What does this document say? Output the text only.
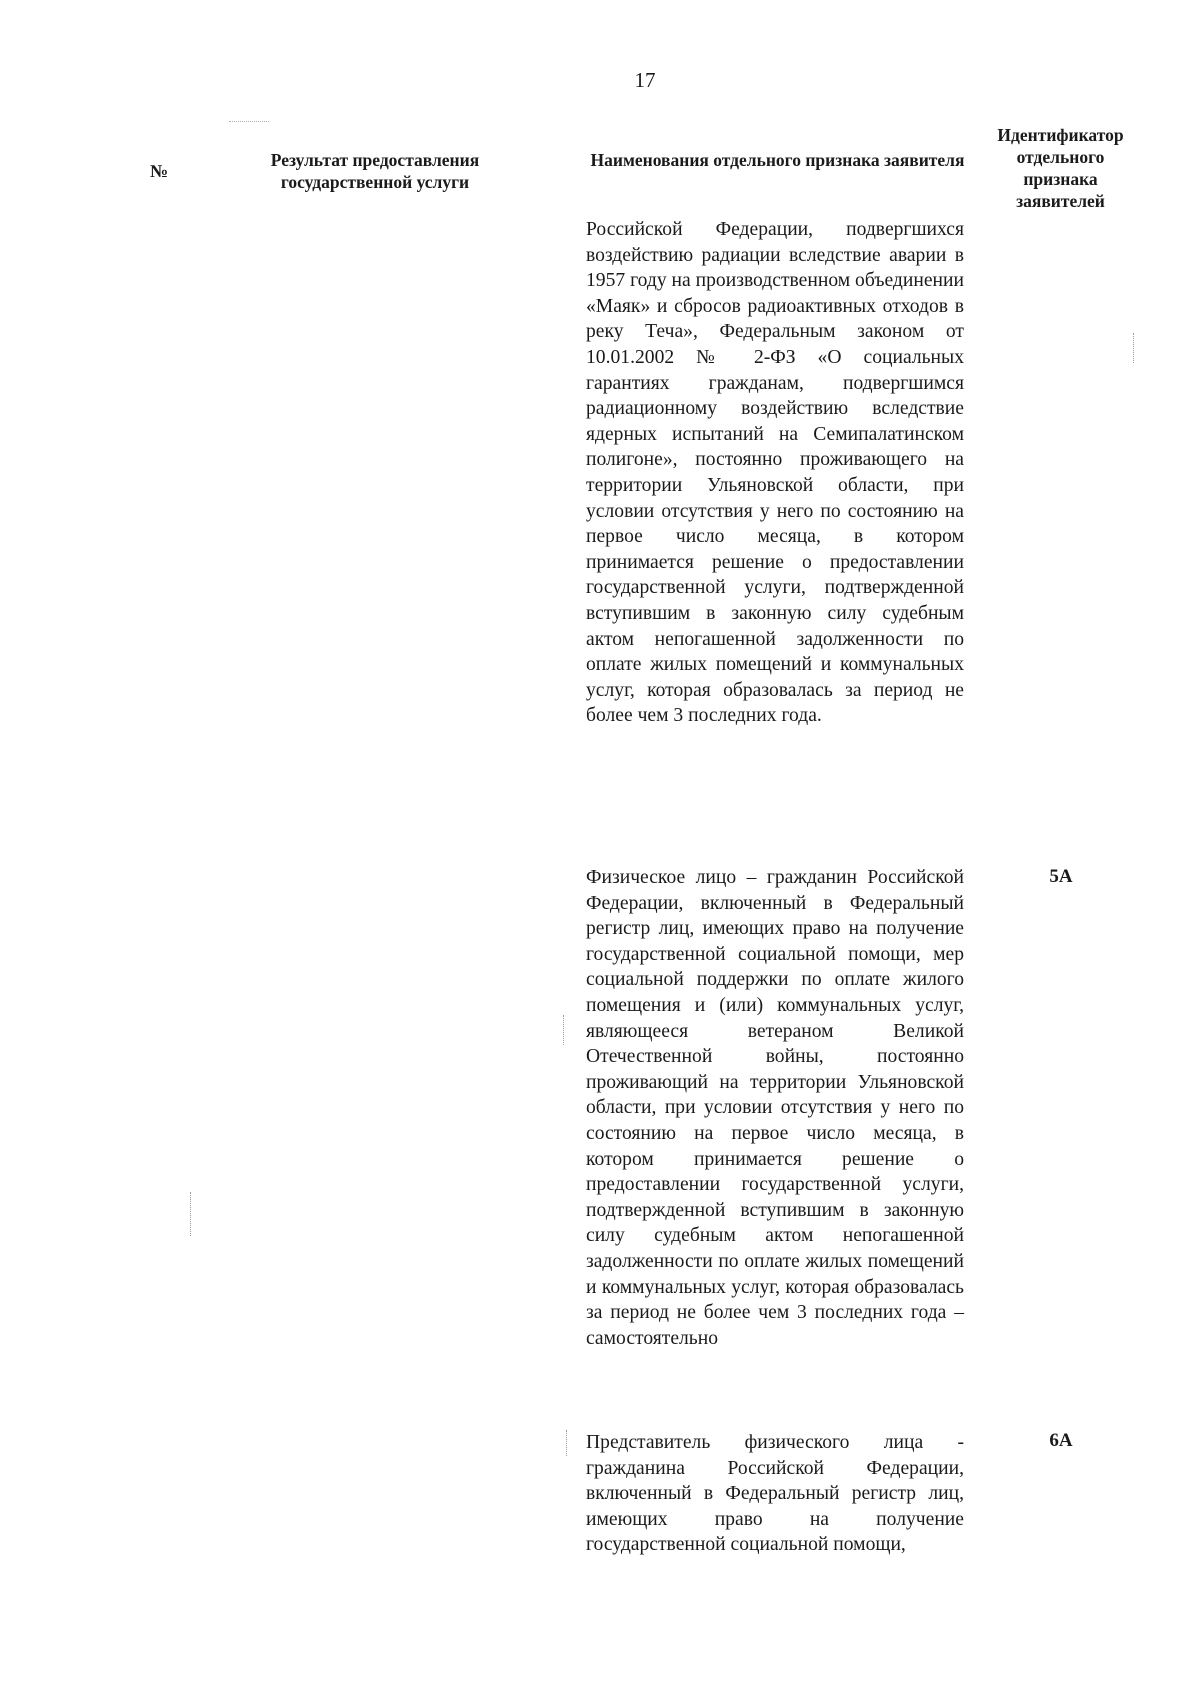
17
№
Результат предоставления государственной услуги
Наименования отдельного признака заявителя
Идентификатор отдельного признака заявителей
Российской Федерации, подвергшихся воздействию радиации вследствие аварии в 1957 году на производственном объединении «Маяк» и сбросов радиоактивных отходов в реку Теча», Федеральным законом от 10.01.2002 № 2-ФЗ «О социальных гарантиях гражданам, подвергшимся радиационному воздействию вследствие ядерных испытаний на Семипалатинском полигоне», постоянно проживающего на территории Ульяновской области, при условии отсутствия у него по состоянию на первое число месяца, в котором принимается решение о предоставлении государственной услуги, подтвержденной вступившим в законную силу судебным актом непогашенной задолженности по оплате жилых помещений и коммунальных услуг, которая образовалась за период не более чем 3 последних года.
Физическое лицо – гражданин Российской Федерации, включенный в Федеральный регистр лиц, имеющих право на получение государственной социальной помощи, мер социальной поддержки по оплате жилого помещения и (или) коммунальных услуг, являющееся ветераном Великой Отечественной войны, постоянно проживающий на территории Ульяновской области, при условии отсутствия у него по состоянию на первое число месяца, в котором принимается решение о предоставлении государственной услуги, подтвержденной вступившим в законную силу судебным актом непогашенной задолженности по оплате жилых помещений и коммунальных услуг, которая образовалась за период не более чем 3 последних года – самостоятельно
5А
Представитель физического лица - гражданина Российской Федерации, включенный в Федеральный регистр лиц, имеющих право на получение государственной социальной помощи,
6А
